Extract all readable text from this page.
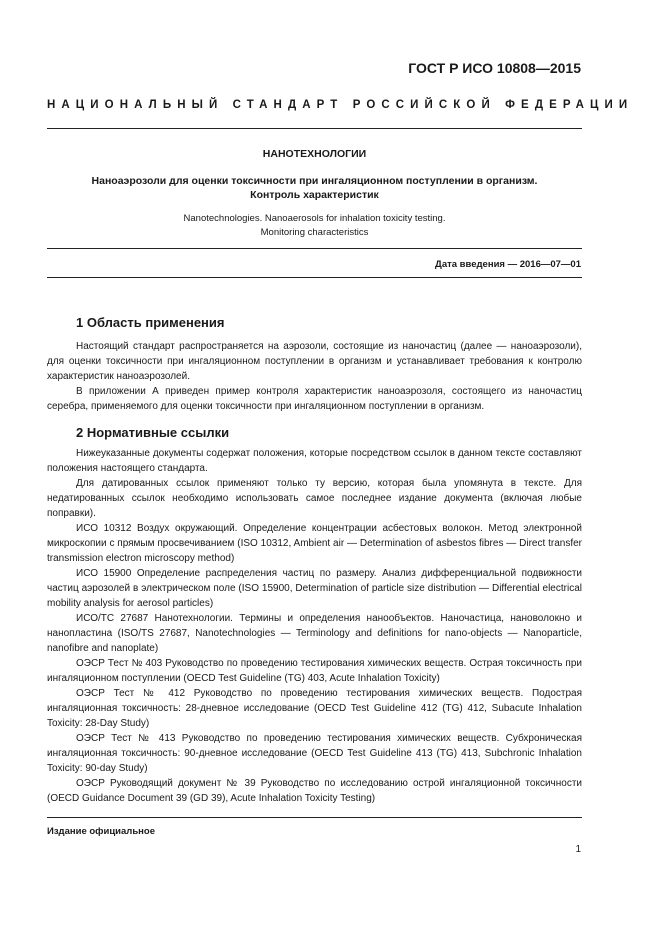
ГОСТ Р ИСО 10808—2015
НАЦИОНАЛЬНЫЙ СТАНДАРТ РОССИЙСКОЙ ФЕДЕРАЦИИ
НАНОТЕХНОЛОГИИ
Наноаэрозоли для оценки токсичности при ингаляционном поступлении в организм.
Контроль характеристик
Nanotechnologies. Nanoaerosols for inhalation toxicity testing.
Monitoring characteristics
Дата введения — 2016—07—01
1 Область применения

Настоящий стандарт распространяется на аэрозоли, состоящие из наночастиц (далее — наноаэрозоли), для оценки токсичности при ингаляционном поступлении в организм и устанавливает требования к контролю характеристик наноаэрозолей.

В приложении А приведен пример контроля характеристик наноаэрозоля, состоящего из наночастиц серебра, применяемого для оценки токсичности при ингаляционном поступлении в организм.

2 Нормативные ссылки

Нижеуказанные документы содержат положения, которые посредством ссылок в данном тексте составляют положения настоящего стандарта.

Для датированных ссылок применяют только ту версию, которая была упомянута в тексте. Для недатированных ссылок необходимо использовать самое последнее издание документа (включая любые поправки).

ИСО 10312 Воздух окружающий. Определение концентрации асбестовых волокон. Метод электронной микроскопии с прямым просвечиванием (ISO 10312, Ambient air — Determination of asbestos fibres — Direct transfer transmission electron microscopy method)

ИСО 15900 Определение распределения частиц по размеру. Анализ дифференциальной подвижности частиц аэрозолей в электрическом поле (ISO 15900, Determination of particle size distribution — Differential electrical mobility analysis for aerosol particles)

ИСО/ТС 27687 Нанотехнологии. Термины и определения нанообъектов. Наночастица, нановолокно и нанопластина (ISO/TS 27687, Nanotechnologies — Terminology and definitions for nano-objects — Nanoparticle, nanofibre and nanoplate)

ОЭСР Тест № 403 Руководство по проведению тестирования химических веществ. Острая токсичность при ингаляционном поступлении (OECD Test Guideline (TG) 403, Acute Inhalation Toxicity)

ОЭСР Тест № 412 Руководство по проведению тестирования химических веществ. Подострая ингаляционная токсичность: 28-дневное исследование (OECD Test Guideline 412 (TG) 412, Subacute Inhalation Toxicity: 28-Day Study)

ОЭСР Тест № 413 Руководство по проведению тестирования химических веществ. Субхроническая ингаляционная токсичность: 90-дневное исследование (OECD Test Guideline 413 (TG) 413, Subchronic Inhalation Toxicity: 90-day Study)

ОЭСР Руководящий документ № 39 Руководство по исследованию острой ингаляционной токсичности (OECD Guidance Document 39 (GD 39), Acute Inhalation Toxicity Testing)

Издание официальное
1
